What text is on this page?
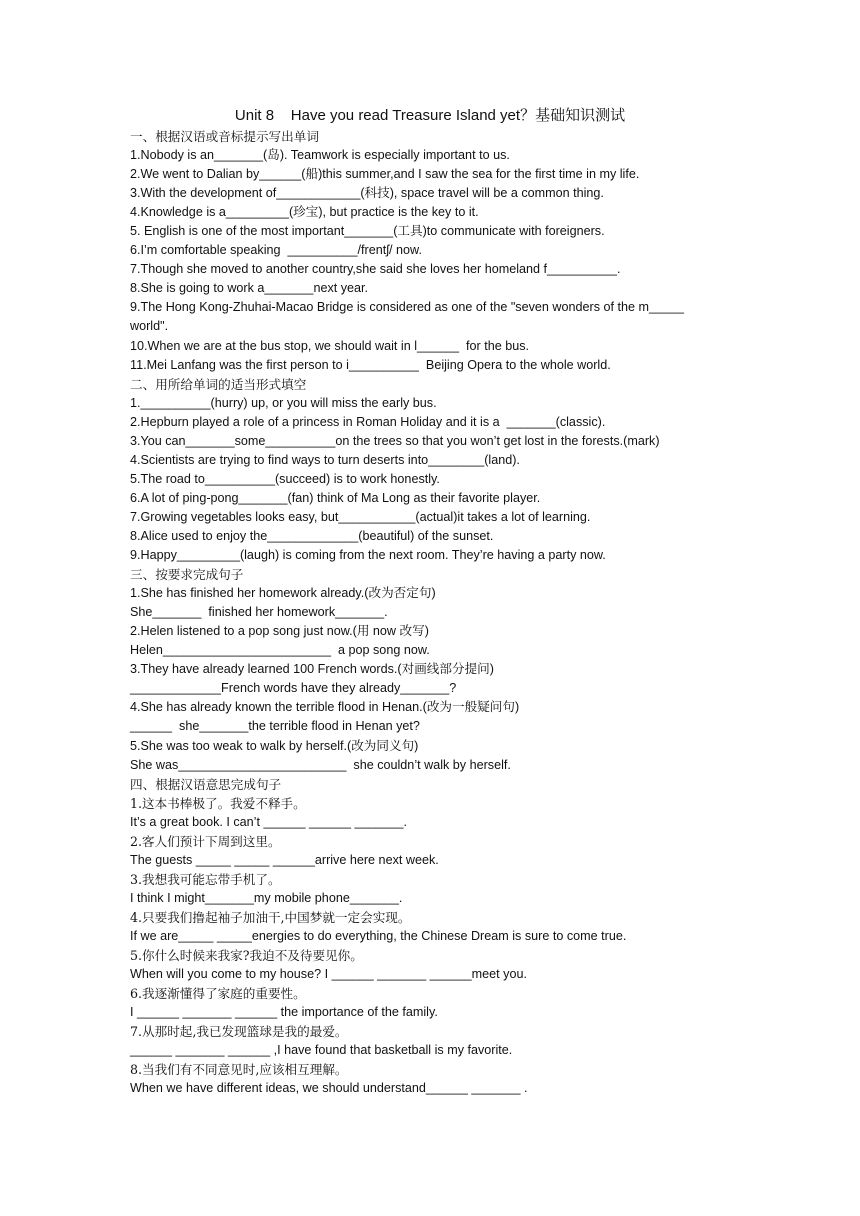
Unit 8    Have you read Treasure Island yet？基础知识测试
一、根据汉语或音标提示写出单词
1.Nobody is an_______(岛). Teamwork is especially important to us.
2.We went to Dalian by______(船)this summer,and I saw the sea for the first time in my life.
3.With the development of____________(科技), space travel will be a common thing.
4.Knowledge is a_________(珍宝), but practice is the key to it.
5. English is one of the most important_______(工具)to communicate with foreigners.
6.I’m comfortable speaking  __________/frentʃ/ now.
7.Though she moved to another country,she said she loves her homeland f__________.
8.She is going to work a_______next year.
9.The Hong Kong-Zhuhai-Macao Bridge is considered as one of the "seven wonders of the m_____
world".
10.When we are at the bus stop, we should wait in l______  for the bus.
11.Mei Lanfang was the first person to i__________  Beijing Opera to the whole world.
二、用所给单词的适当形式填空
1.__________(hurry) up, or you will miss the early bus.
2.Hepburn played a role of a princess in Roman Holiday and it is a  _______(classic).
3.You can_______some__________on the trees so that you won’t get lost in the forests.(mark)
4.Scientists are trying to find ways to turn deserts into________(land).
5.The road to__________(succeed) is to work honestly.
6.A lot of ping-pong_______(fan) think of Ma Long as their favorite player.
7.Growing vegetables looks easy, but___________(actual)it takes a lot of learning.
8.Alice used to enjoy the_____________(beautiful) of the sunset.
9.Happy_________(laugh) is coming from the next room. They’re having a party now.
三、按要求完成句子
1.She has finished her homework already.(改为否定句)
She_______  finished her homework_______.
2.Helen listened to a pop song just now.(用 now 改写)
Helen________________________  a pop song now.
3.They have already learned 100 French words.(对画线部分提问)
_____________French words have they already_______?
4.She has already known the terrible flood in Henan.(改为一般疑问句)
______  she_______the terrible flood in Henan yet?
5.She was too weak to walk by herself.(改为同义句)
She was________________________  she couldn’t walk by herself.
四、根据汉语意思完成句子
1.这本书棒极了。我爱不释手。
It’s a great book. I can’t ______ ______ _______.
2.客人们预计下周到这里。
The guests _____ _____ ______arrive here next week.
3.我想我可能忘带手机了。
I think I might_______my mobile phone_______.
4.只要我们撸起袖子加油干,中国梦就一定会实现。
If we are_____ _____energies to do everything, the Chinese Dream is sure to come true.
5.你什么时候来我家?我迫不及待要见你。
When will you come to my house? I ______ _______ ______meet you.
6.我逐渐懂得了家庭的重要性。
I ______ _______ ______ the importance of the family.
7.从那时起,我已发现篮球是我的最爱。
______ _______ ______ ,I have found that basketball is my favorite.
8.当我们有不同意见时,应该相互理解。
When we have different ideas, we should understand______ _______ .
